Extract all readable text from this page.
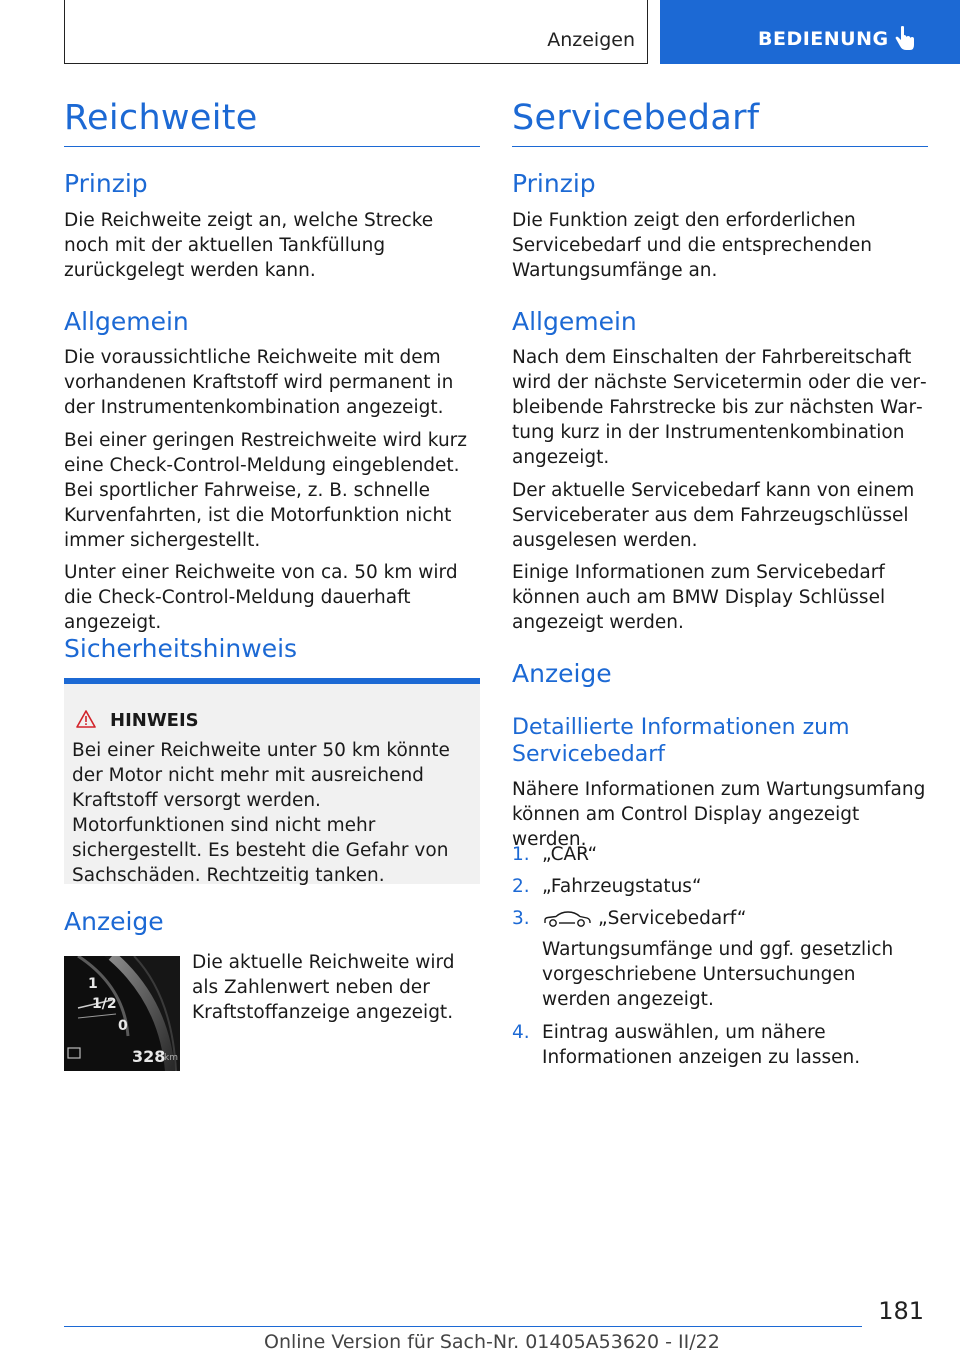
Anzeigen	BEDIENUNG
Reichweite
Prinzip

Die Reichweite zeigt an, welche Strecke noch mit der aktuellen Tankfüllung zurückgelegt werden kann.

Allgemein

Die voraussichtliche Reichweite mit dem vorhandenen Kraftstoff wird permanent in der Instrumentenkombination angezeigt.

Bei einer geringen Restreichweite wird kurz eine Check-Control-Meldung eingeblendet. Bei sportlicher Fahrweise, z. B. schnelle Kurvenfahrten, ist die Motorfunktion nicht immer sichergestellt.

Unter einer Reichweite von ca. 50 km wird die Check-Control-Meldung dauerhaft angezeigt.

Sicherheitshinweis
HINWEIS

Bei einer Reichweite unter 50 km könnte der Motor nicht mehr mit ausreichend Kraftstoff versorgt werden. Motorfunktionen sind nicht mehr sichergestellt. Es besteht die Gefahr von Sachschäden. Rechtzeitig tanken.

Anzeige
1
1/2
0
328
km

Die aktuelle Reichweite wird als Zahlenwert neben der Kraftstoffanzeige angezeigt.

Servicebedarf
Prinzip

Die Funktion zeigt den erforderlichen Servicebedarf und die entsprechenden Wartungsumfänge an.

Allgemein

Nach dem Einschalten der Fahrbereitschaft wird der nächste Servicetermin oder die verbleibende Fahrstrecke bis zur nächsten Wartung kurz in der Instrumentenkombination angezeigt.

Der aktuelle Servicebedarf kann von einem Serviceberater aus dem Fahrzeugschlüssel ausgelesen werden.

Einige Informationen zum Servicebedarf können auch am BMW Display Schlüssel angezeigt werden.

Anzeige
Detaillierte Informationen zum Servicebedarf

Nähere Informationen zum Wartungsumfang können am Control Display angezeigt werden.

1. „CAR“
2. „Fahrzeugstatus“
3.	„Servicebedarf“

Wartungsumfänge und ggf. gesetzlich vorgeschriebene Untersuchungen werden angezeigt.

4. Eintrag auswählen, um nähere Informationen anzeigen zu lassen.
181
Online Version für Sach-Nr. 01405A53620 - II/22
